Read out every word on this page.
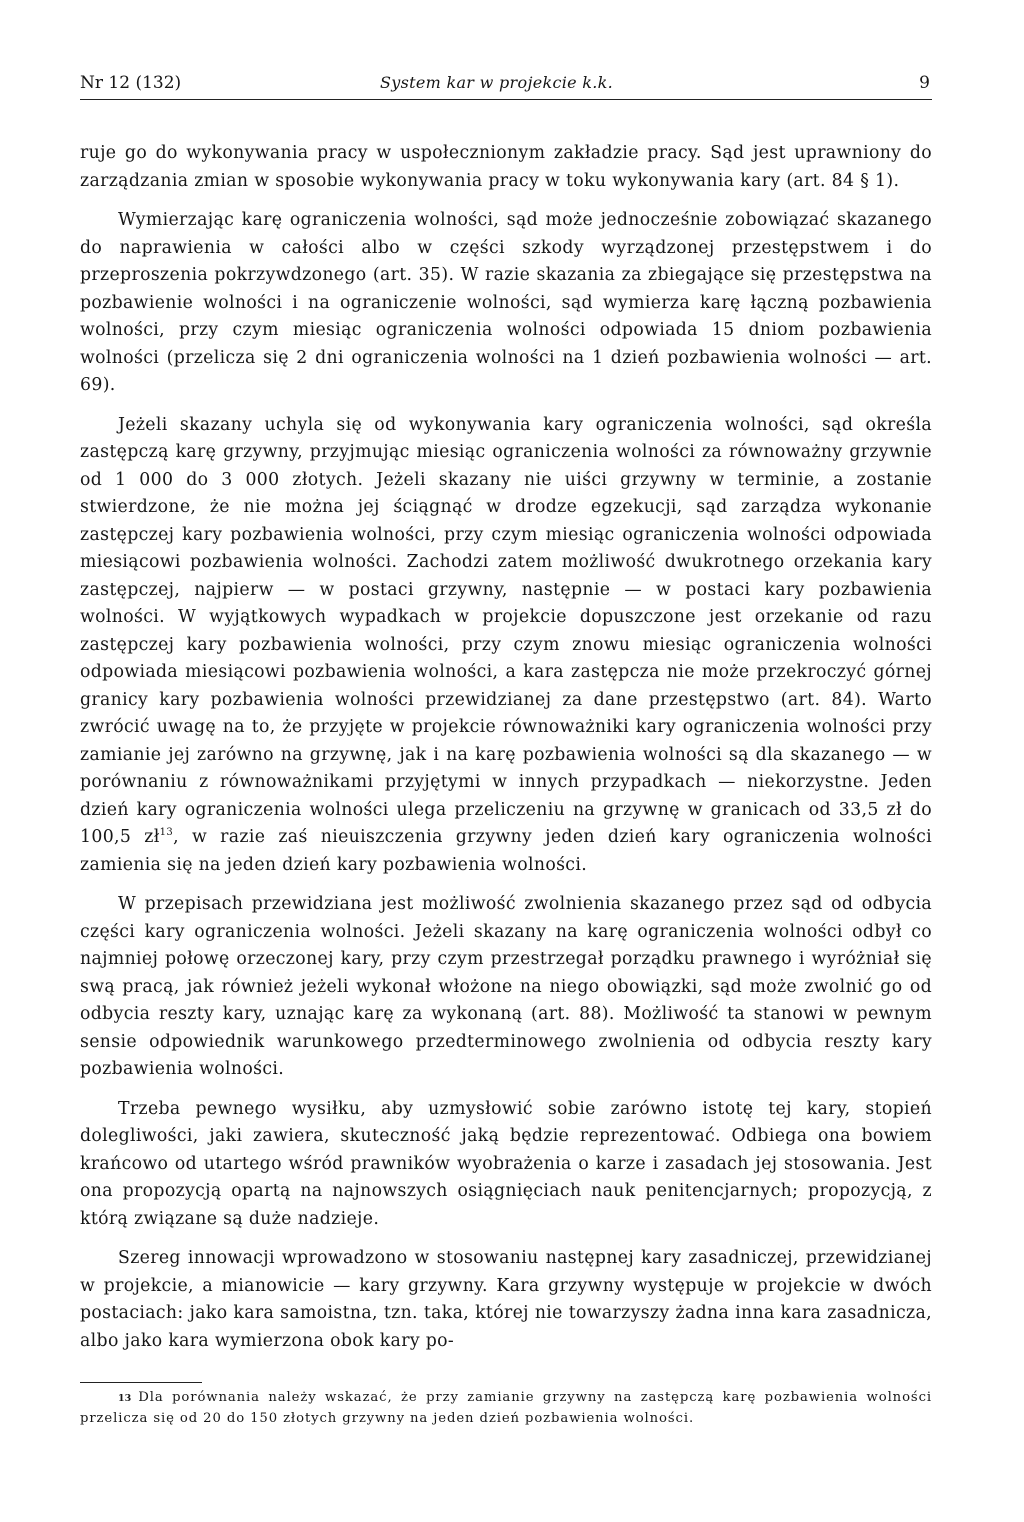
Nr 12 (132)	System kar w projekcie k.k.	9

ruje go do wykonywania pracy w uspołecznionym zakładzie pracy. Sąd jest uprawniony do zarządzania zmian w sposobie wykonywania pracy w toku wykonywania kary (art. 84 § 1).

Wymierzając karę ograniczenia wolności, sąd może jednocześnie zobowiązać skazanego do naprawienia w całości albo w części szkody wyrządzonej przestępstwem i do przeproszenia pokrzywdzonego (art. 35). W razie skazania za zbiegające się przestępstwa na pozbawienie wolności i na ograniczenie wolności, sąd wymierza karę łączną pozbawienia wolności, przy czym miesiąc ograniczenia wolności odpowiada 15 dniom pozbawienia wolności (przelicza się 2 dni ograniczenia wolności na 1 dzień pozbawienia wolności — art. 69).

Jeżeli skazany uchyla się od wykonywania kary ograniczenia wolności, sąd określa zastępczą karę grzywny, przyjmując miesiąc ograniczenia wolności za równoważny grzywnie od 1 000 do 3 000 złotych. Jeżeli skazany nie uiści grzywny w terminie, a zostanie stwierdzone, że nie można jej ściągnąć w drodze egzekucji, sąd zarządza wykonanie zastępczej kary pozbawienia wolności, przy czym miesiąc ograniczenia wolności odpowiada miesiącowi pozbawienia wolności. Zachodzi zatem możliwość dwukrotnego orzekania kary zastępczej, najpierw — w postaci grzywny, następnie — w postaci kary pozbawienia wolności. W wyjątkowych wypadkach w projekcie dopuszczone jest orzekanie od razu zastępczej kary pozbawienia wolności, przy czym znowu miesiąc ograniczenia wolności odpowiada miesiącowi pozbawienia wolności, a kara zastępcza nie może przekroczyć górnej granicy kary pozbawienia wolności przewidzianej za dane przestępstwo (art. 84). Warto zwrócić uwagę na to, że przyjęte w projekcie równoważniki kary ograniczenia wolności przy zamianie jej zarówno na grzywnę, jak i na karę pozbawienia wolności są dla skazanego — w porównaniu z równoważnikami przyjętymi w innych przypadkach — niekorzystne. Jeden dzień kary ograniczenia wolności ulega przeliczeniu na grzywnę w granicach od 33,5 zł do 100,5 $zł^{13}$, w razie zaś nieuiszczenia grzywny jeden dzień kary ograniczenia wolności zamienia się na jeden dzień kary pozbawienia wolności.

W przepisach przewidziana jest możliwość zwolnienia skazanego przez sąd od odbycia części kary ograniczenia wolności. Jeżeli skazany na karę ograniczenia wolności odbył co najmniej połowę orzeczonej kary, przy czym przestrzegał porządku prawnego i wyróżniał się swą pracą, jak również jeżeli wykonał włożone na niego obowiązki, sąd może zwolnić go od odbycia reszty kary, uznając karę za wykonaną (art. 88). Możliwość ta stanowi w pewnym sensie odpowiednik warunkowego przedterminowego zwolnienia od odbycia reszty kary pozbawienia wolności.

Trzeba pewnego wysiłku, aby uzmysłowić sobie zarówno istotę tej kary, stopień dolegliwości, jaki zawiera, skuteczność jaką będzie reprezentować. Odbiega ona bowiem krańcowo od utartego wśród prawników wyobrażenia o karze i zasadach jej stosowania. Jest ona propozycją opartą na najnowszych osiągnięciach nauk penitencjarnych; propozycją, z którą związane są duże nadzieje.

Szereg innowacji wprowadzono w stosowaniu następnej kary zasadniczej, przewidzianej w projekcie, a mianowicie — kary grzywny. Kara grzywny występuje w projekcie w dwóch postaciach: jako kara samoistna, tzn. taka, której nie towarzyszy żadna inna kara zasadnicza, albo jako kara wymierzona obok kary po-

13 Dla porównania należy wskazać, że przy zamianie grzywny na zastępczą karę pozbawienia wolności przelicza się od 20 do 150 złotych grzywny na jeden dzień pozbawienia wolności.
